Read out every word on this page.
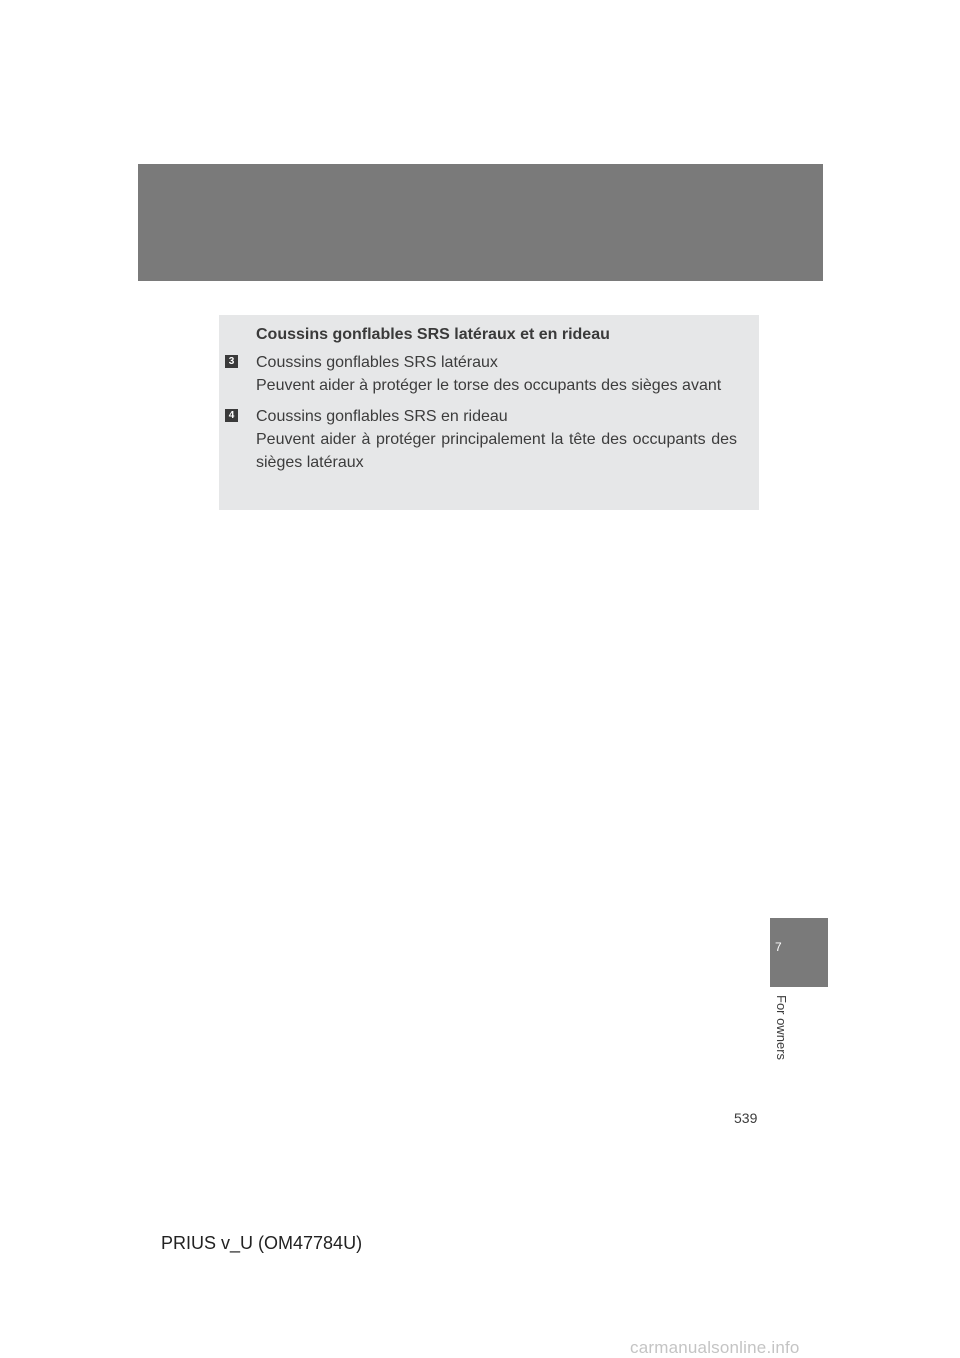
Coussins gonflables SRS latéraux et en rideau
3 Coussins gonflables SRS latéraux
Peuvent aider à protéger le torse des occupants des sièges avant
4 Coussins gonflables SRS en rideau
Peuvent aider à protéger principalement la tête des occupants des sièges latéraux
7
For owners
539
PRIUS v_U (OM47784U)
carmanualsonline.info
